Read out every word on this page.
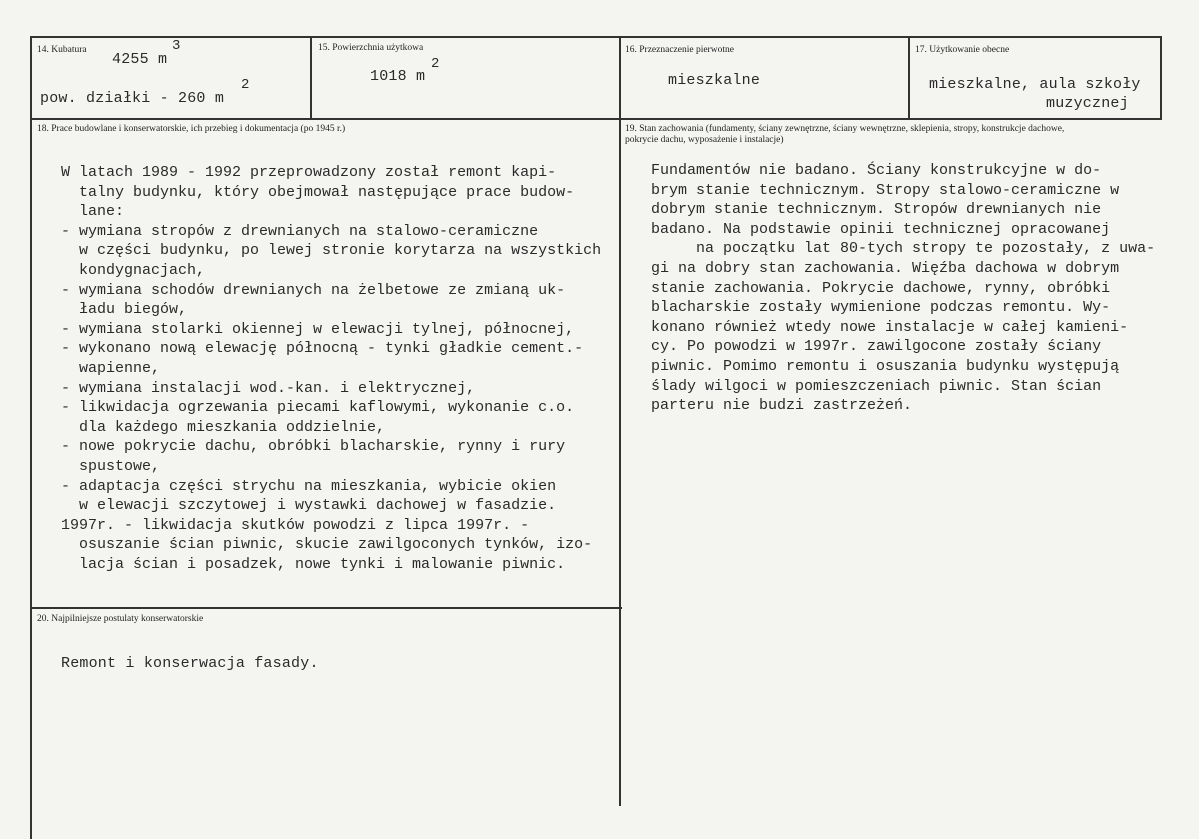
14. Kubatura
4255 m
3
pow. działki - 260 m
2
15. Powierzchnia użytkowa
1018 m
2
16. Przeznaczenie pierwotne
mieszkalne
17. Użytkowanie obecne
mieszkalne, aula szkoły
muzycznej
18. Prace budowlane i konserwatorskie, ich przebieg i dokumentacja (po 1945 r.)
W latach 1989 - 1992 przeprowadzony został remont kapi-
talny budynku, który obejmował następujące prace budow-
lane:
- wymiana stropów z drewnianych na stalowo-ceramiczne
w części budynku, po lewej stronie korytarza na wszystkich
kondygnacjach,
- wymiana schodów drewnianych na żelbetowe ze zmianą uk-
ładu biegów,
- wymiana stolarki okiennej w elewacji tylnej, północnej,
- wykonano nową elewację północną - tynki gładkie cement.-
wapienne,
- wymiana instalacji wod.-kan. i elektrycznej,
- likwidacja ogrzewania piecami kaflowymi, wykonanie c.o.
dla każdego mieszkania oddzielnie,
- nowe pokrycie dachu, obróbki blacharskie, rynny i rury
spustowe,
- adaptacja części strychu na mieszkania, wybicie okien
w elewacji szczytowej i wystawki dachowej w fasadzie.
1997r. - likwidacja skutków powodzi z lipca 1997r. -
osuszanie ścian piwnic, skucie zawilgoconych tynków, izo-
lacja ścian i posadzek, nowe tynki i malowanie piwnic.
19. Stan zachowania (fundamenty, ściany zewnętrzne, ściany wewnętrzne, sklepienia, stropy, konstrukcje dachowe,
pokrycie dachu, wyposażenie i instalacje)
Fundamentów nie badano. Ściany konstrukcyjne w do-
brym stanie technicznym. Stropy stalowo-ceramiczne w
dobrym stanie technicznym. Stropów drewnianych nie
badano. Na podstawie opinii technicznej opracowanej
na początku lat 80-tych stropy te pozostały, z uwa-
gi na dobry stan zachowania. Więźba dachowa w dobrym
stanie zachowania. Pokrycie dachowe, rynny, obróbki
blacharskie zostały wymienione podczas remontu. Wy-
konano również wtedy nowe instalacje w całej kamieni-
cy. Po powodzi w 1997r. zawilgocone zostały ściany
piwnic. Pomimo remontu i osuszania budynku występują
ślady wilgoci w pomieszczeniach piwnic. Stan ścian
parteru nie budzi zastrzeżeń.
20. Najpilniejsze postulaty konserwatorskie
Remont i konserwacja fasady.
